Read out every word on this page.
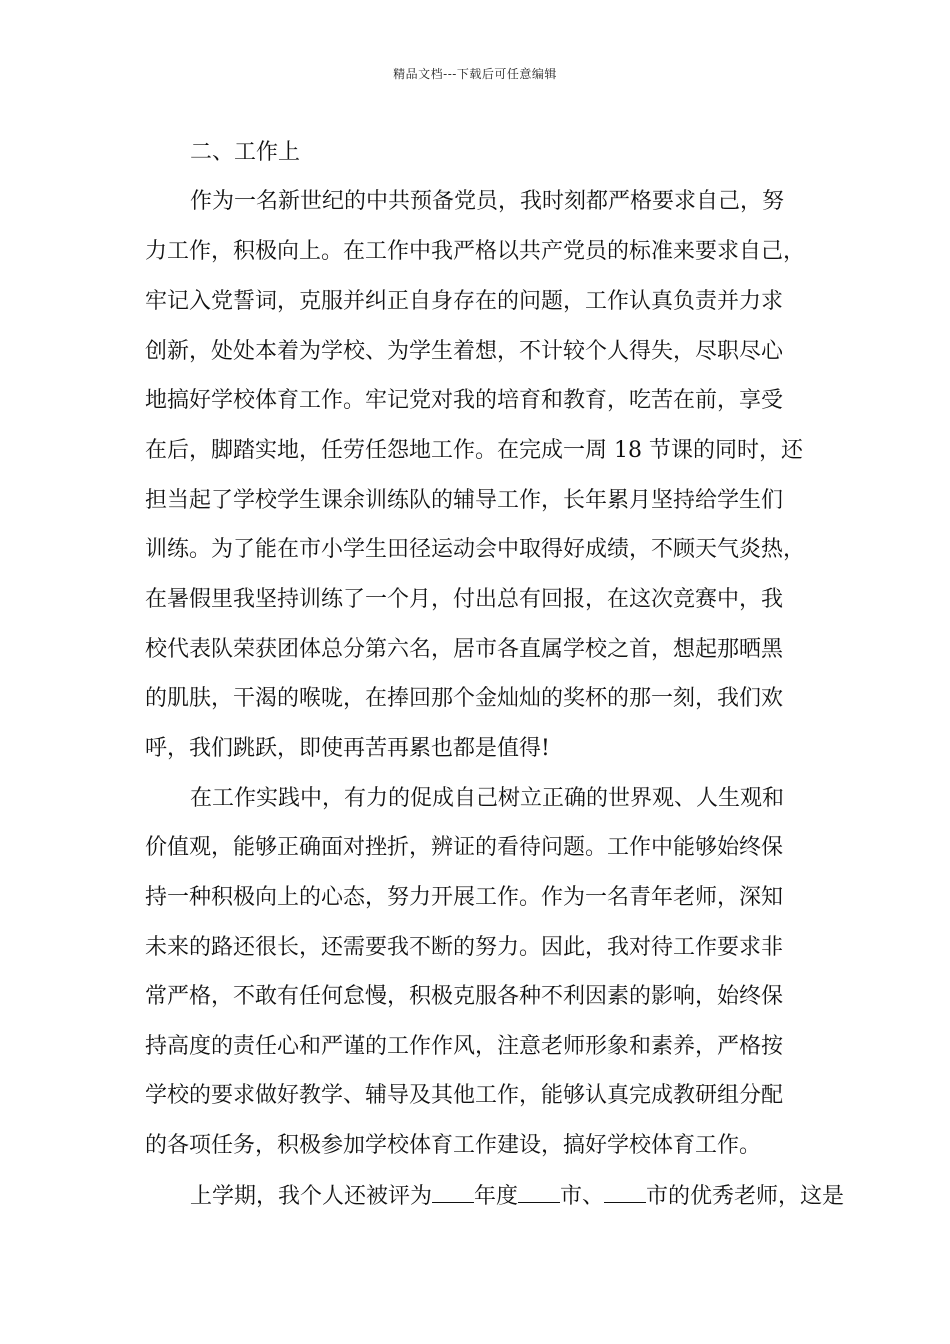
精品文档---下载后可任意编辑
二、工作上
作为一名新世纪的中共预备党员，我时刻都严格要求自己，努
力工作，积极向上。在工作中我严格以共产党员的标准来要求自己，
牢记入党誓词，克服并纠正自身存在的问题，工作认真负责并力求
创新，处处本着为学校、为学生着想，不计较个人得失，尽职尽心
地搞好学校体育工作。牢记党对我的培育和教育，吃苦在前，享受
在后，脚踏实地，任劳任怨地工作。在完成一周 18 节课的同时，还
担当起了学校学生课余训练队的辅导工作，长年累月坚持给学生们
训练。为了能在市小学生田径运动会中取得好成绩，不顾天气炎热，
在暑假里我坚持训练了一个月，付出总有回报，在这次竞赛中，我
校代表队荣获团体总分第六名，居市各直属学校之首，想起那晒黑
的肌肤，干渴的喉咙，在捧回那个金灿灿的奖杯的那一刻，我们欢
呼，我们跳跃，即使再苦再累也都是值得!
在工作实践中，有力的促成自己树立正确的世界观、人生观和
价值观，能够正确面对挫折，辨证的看待问题。工作中能够始终保
持一种积极向上的心态，努力开展工作。作为一名青年老师，深知
未来的路还很长，还需要我不断的努力。因此，我对待工作要求非
常严格，不敢有任何怠慢，积极克服各种不利因素的影响，始终保
持高度的责任心和严谨的工作作风，注意老师形象和素养，严格按
学校的要求做好教学、辅导及其他工作，能够认真完成教研组分配
的各项任务，积极参加学校体育工作建设，搞好学校体育工作。
上学期，我个人还被评为 年度 市、 市的优秀老师，这是
